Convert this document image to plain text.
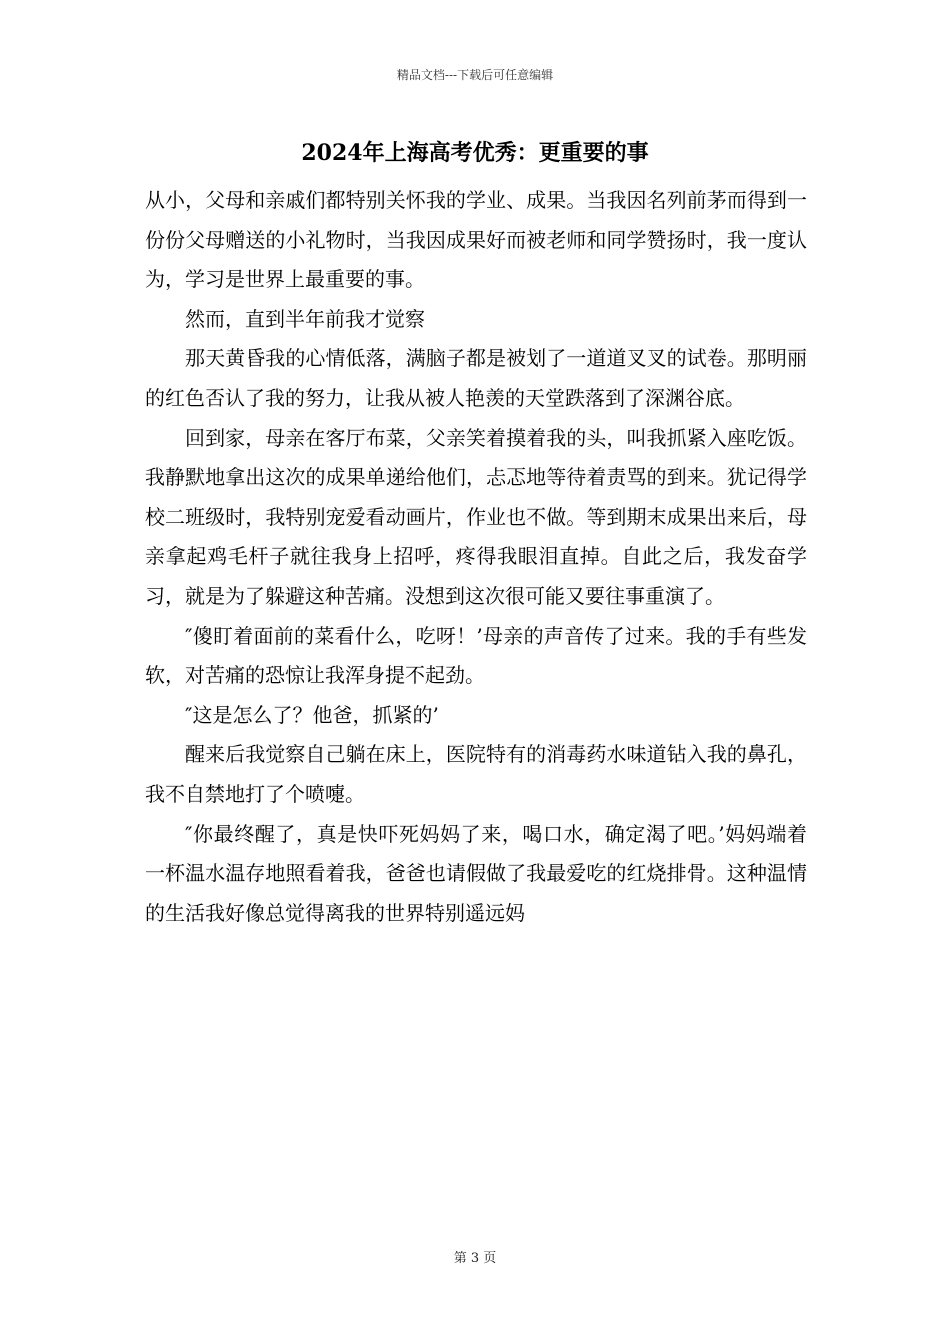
精品文档---下载后可任意编辑
2024年上海高考优秀：更重要的事

从小，父母和亲戚们都特别关怀我的学业、成果。当我因名列前茅而得到一份份父母赠送的小礼物时，当我因成果好而被老师和同学赞扬时，我一度认为，学习是世界上最重要的事。

然而，直到半年前我才觉察

那天黄昏我的心情低落，满脑子都是被划了一道道叉叉的试卷。那明丽的红色否认了我的努力，让我从被人艳羡的天堂跌落到了深渊谷底。

回到家，母亲在客厅布菜，父亲笑着摸着我的头，叫我抓紧入座吃饭。我静默地拿出这次的成果单递给他们，忐忑地等待着责骂的到来。犹记得学校二班级时，我特别宠爱看动画片，作业也不做。等到期末成果出来后，母亲拿起鸡毛杆子就往我身上招呼，疼得我眼泪直掉。自此之后，我发奋学习，就是为了躲避这种苦痛。没想到这次很可能又要往事重演了。

″傻盯着面前的菜看什么，吃呀！’母亲的声音传了过来。我的手有些发软，对苦痛的恐惊让我浑身提不起劲。

″这是怎么了？他爸，抓紧的’

醒来后我觉察自己躺在床上，医院特有的消毒药水味道钻入我的鼻孔，我不自禁地打了个喷嚏。

″你最终醒了，真是快吓死妈妈了来，喝口水，确定渴了吧。’妈妈端着一杯温水温存地照看着我，爸爸也请假做了我最爱吃的红烧排骨。这种温情的生活我好像总觉得离我的世界特别遥远妈

第 3 页
